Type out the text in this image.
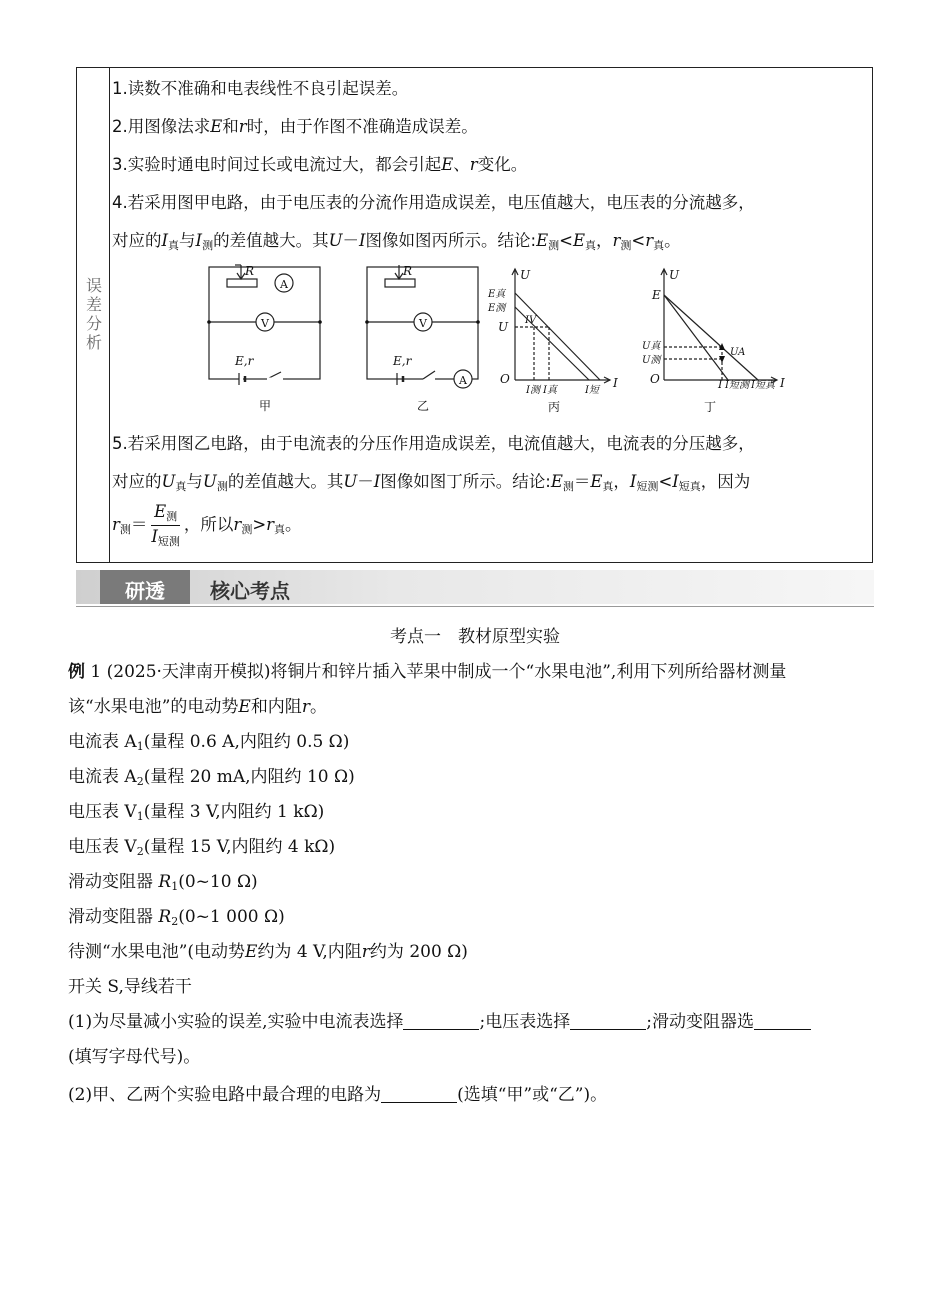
误差分析
1.读数不准确和电表线性不良引起误差。
2.用图像法求E和r时，由于作图不准确造成误差。
3.实验时通电时间过长或电流过大，都会引起E、r变化。
4.若采用图甲电路，由于电压表的分流作用造成误差，电压值越大，电压表的分流越多，
对应的$I_真$与$I_测$的差值越大。其U－I图像如图丙所示。结论$:E_测<E_真$，$r_测<r_真$。
R
A
V
E,r
R
V
E,r
A
U
E真
E测
U IV
O
I测 I真	I短
I
丙
U
E
U真
U测
UA
O	I I短测 I短真 I
丁
甲	乙
5.若采用图乙电路，由于电流表的分压作用造成误差，电流值越大，电流表的分压越多，
对应的$U_真$与$U_测$的差值越大。其U－I图像如图丁所示。结论$:E_测=E_真$，$I_{短测}<I_{短真}$，因为
$r_测= \frac{E_测}{I_{短测}}$ ，所以$r_测>r_真$。
研透	核心考点
考点一　教材原型实验
例 1 (2025·天津南开模拟)将铜片和锌片插入苹果中制成一个“水果电池”,利用下列所给器材测量
该“水果电池”的电动势E和内阻r。
电流表 $A_1$(量程 0.6 A,内阻约 0.5 Ω)
电流表 $A_2$(量程 20 mA,内阻约 10 Ω)
电压表 $V_1$(量程 3 V,内阻约 1 kΩ)
电压表 $V_2$(量程 15 V,内阻约 4 kΩ)
滑动变阻器 $R_1(0\sim 10$ Ω)
滑动变阻器 $R_2(0\sim 1$ 000 Ω)
待测“水果电池”(电动势E约为 4 V,内阻r约为 200 Ω)
开关 S,导线若干
(1)为尽量减小实验的误差,实验中电流表选择	;电压表选择	;滑动变阻器选
(填写字母代号)。
(2)甲、乙两个实验电路中最合理的电路为	(选填“甲”或“乙”)。
